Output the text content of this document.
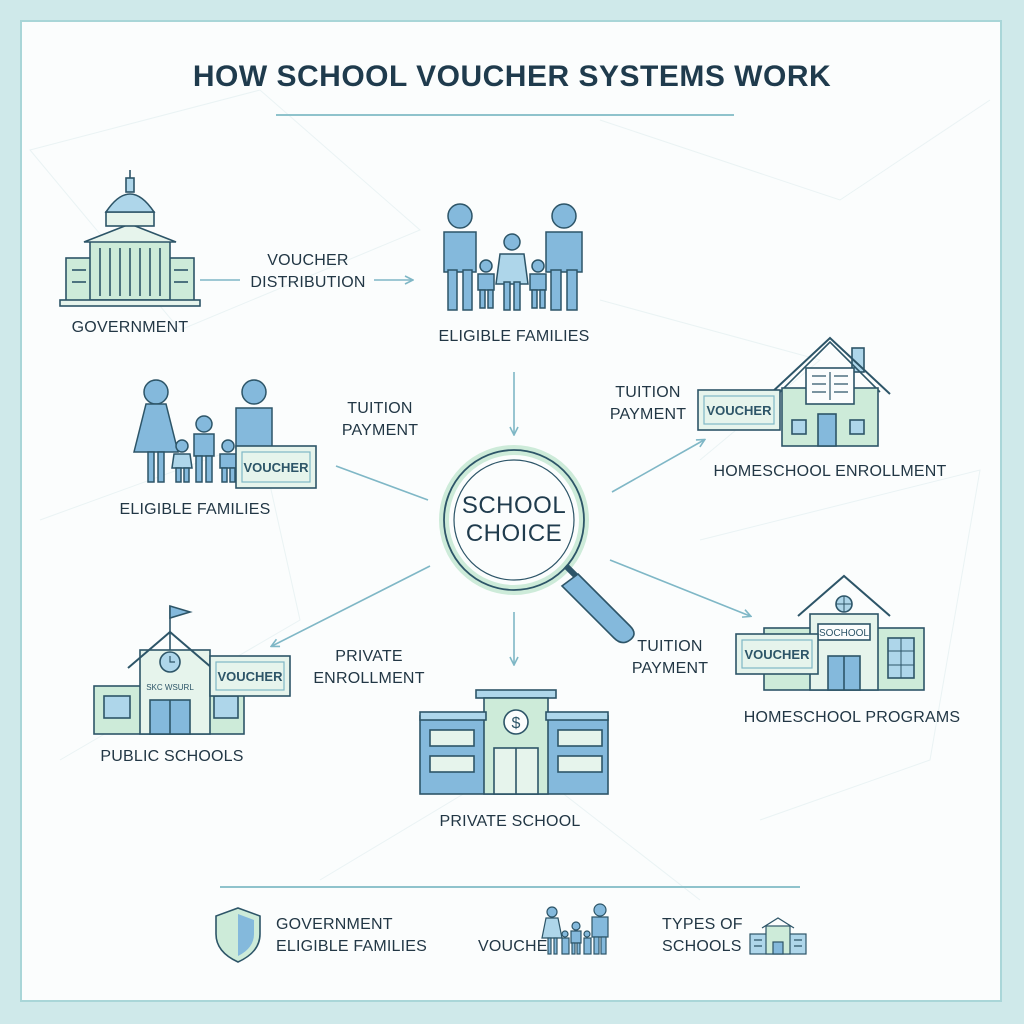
VOUCHER
VOUCHER
SKC WSURL
VOUCHER
$
SOCHOOL
VOUCHER
HOW SCHOOL VOUCHER SYSTEMS WORK
GOVERNMENT
ELIGIBLE FAMILIES
ELIGIBLE FAMILIES
HOMESCHOOL ENROLLMENT
HOMESCHOOL PROGRAMS
PUBLIC SCHOOLS
PRIVATE SCHOOL
SCHOOL
CHOICE
VOUCHER
DISTRIBUTION
TUITION
PAYMENT
TUITION
PAYMENT
TUITION
PAYMENT
PRIVATE
ENROLLMENT
GOVERNMENT
ELIGIBLE FAMILIES	VOUCHE
TYPES OF
SCHOOLS
